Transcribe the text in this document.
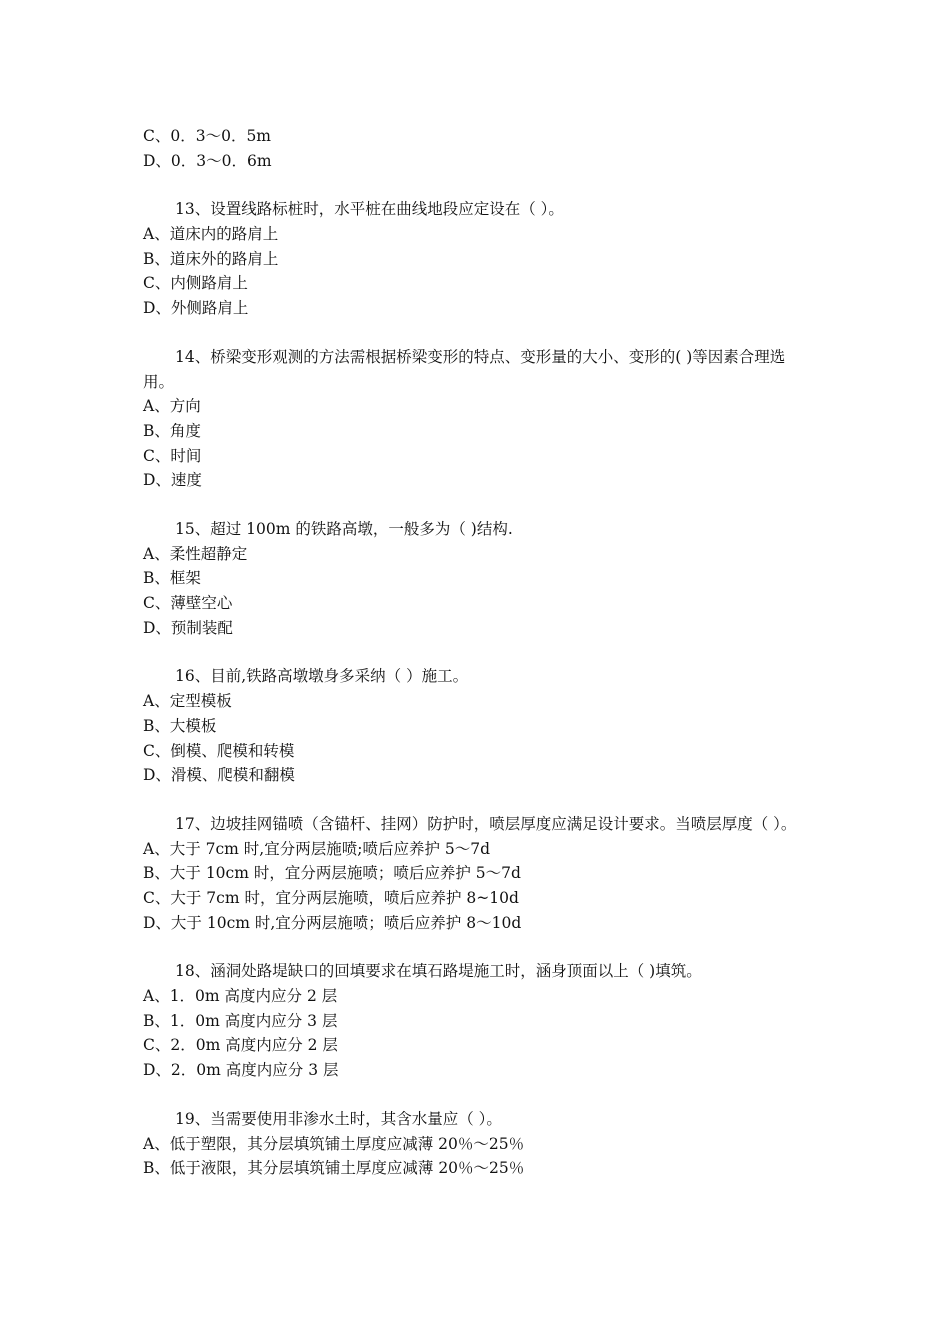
C、0．3～0．5m
D、0．3～0．6m
13、设置线路标桩时，水平桩在曲线地段应定设在（ ）。
A、道床内的路肩上
B、道床外的路肩上
C、内侧路肩上
D、外侧路肩上
14、桥梁变形观测的方法需根据桥梁变形的特点、变形量的大小、变形的( )等因素合理选用。
A、方向
B、角度
C、时间
D、速度
15、超过 100m 的铁路高墩，一般多为（ )结构.
A、柔性超静定
B、框架
C、薄壁空心
D、预制装配
16、目前,铁路高墩墩身多采纳（ ）施工。
A、定型模板
B、大模板
C、倒模、爬模和转模
D、滑模、爬模和翻模
17、边坡挂网锚喷（含锚杆、挂网）防护时，喷层厚度应满足设计要求。当喷层厚度（ ）。
A、大于 7cm 时,宜分两层施喷;喷后应养护 5～7d
B、大于 10cm 时，宜分两层施喷；喷后应养护 5～7d
C、大于 7cm 时，宜分两层施喷，喷后应养护 8~10d
D、大于 10cm 时,宜分两层施喷；喷后应养护 8～10d
18、涵洞处路堤缺口的回填要求在填石路堤施工时，涵身顶面以上（ )填筑。
A、1．0m 高度内应分 2 层
B、1．0m 高度内应分 3 层
C、2．0m 高度内应分 2 层
D、2．0m 高度内应分 3 层
19、当需要使用非渗水土时，其含水量应（ ）。
A、低于塑限，其分层填筑铺土厚度应减薄 20％～25％
B、低于液限，其分层填筑铺土厚度应减薄 20％～25％
